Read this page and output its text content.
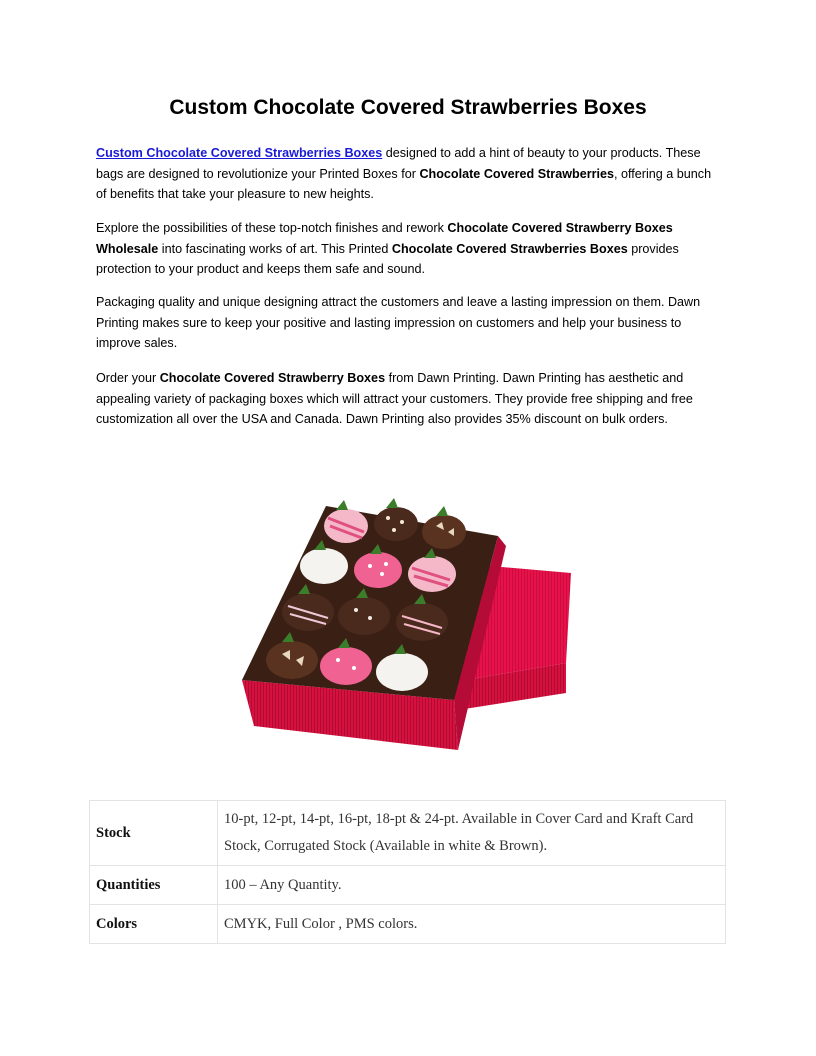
Custom Chocolate Covered Strawberries Boxes

Custom Chocolate Covered Strawberries Boxes designed to add a hint of beauty to your products. These bags are designed to revolutionize your Printed Boxes for Chocolate Covered Strawberries, offering a bunch of benefits that take your pleasure to new heights.

Explore the possibilities of these top-notch finishes and rework Chocolate Covered Strawberry Boxes Wholesale into fascinating works of art. This Printed Chocolate Covered Strawberries Boxes provides protection to your product and keeps them safe and sound.

Packaging quality and unique designing attract the customers and leave a lasting impression on them. Dawn Printing makes sure to keep your positive and lasting impression on customers and help your business to improve sales.

Order your Chocolate Covered Strawberry Boxes from Dawn Printing. Dawn Printing has aesthetic and appealing variety of packaging boxes which will attract your customers. They provide free shipping and free customization all over the USA and Canada. Dawn Printing also provides 35% discount on bulk orders.

Stock	10-pt, 12-pt, 14-pt, 16-pt, 18-pt & 24-pt. Available in Cover Card and Kraft Card Stock, Corrugated Stock (Available in white & Brown).
Quantities	100 – Any Quantity.
Colors	CMYK, Full Color , PMS colors.
